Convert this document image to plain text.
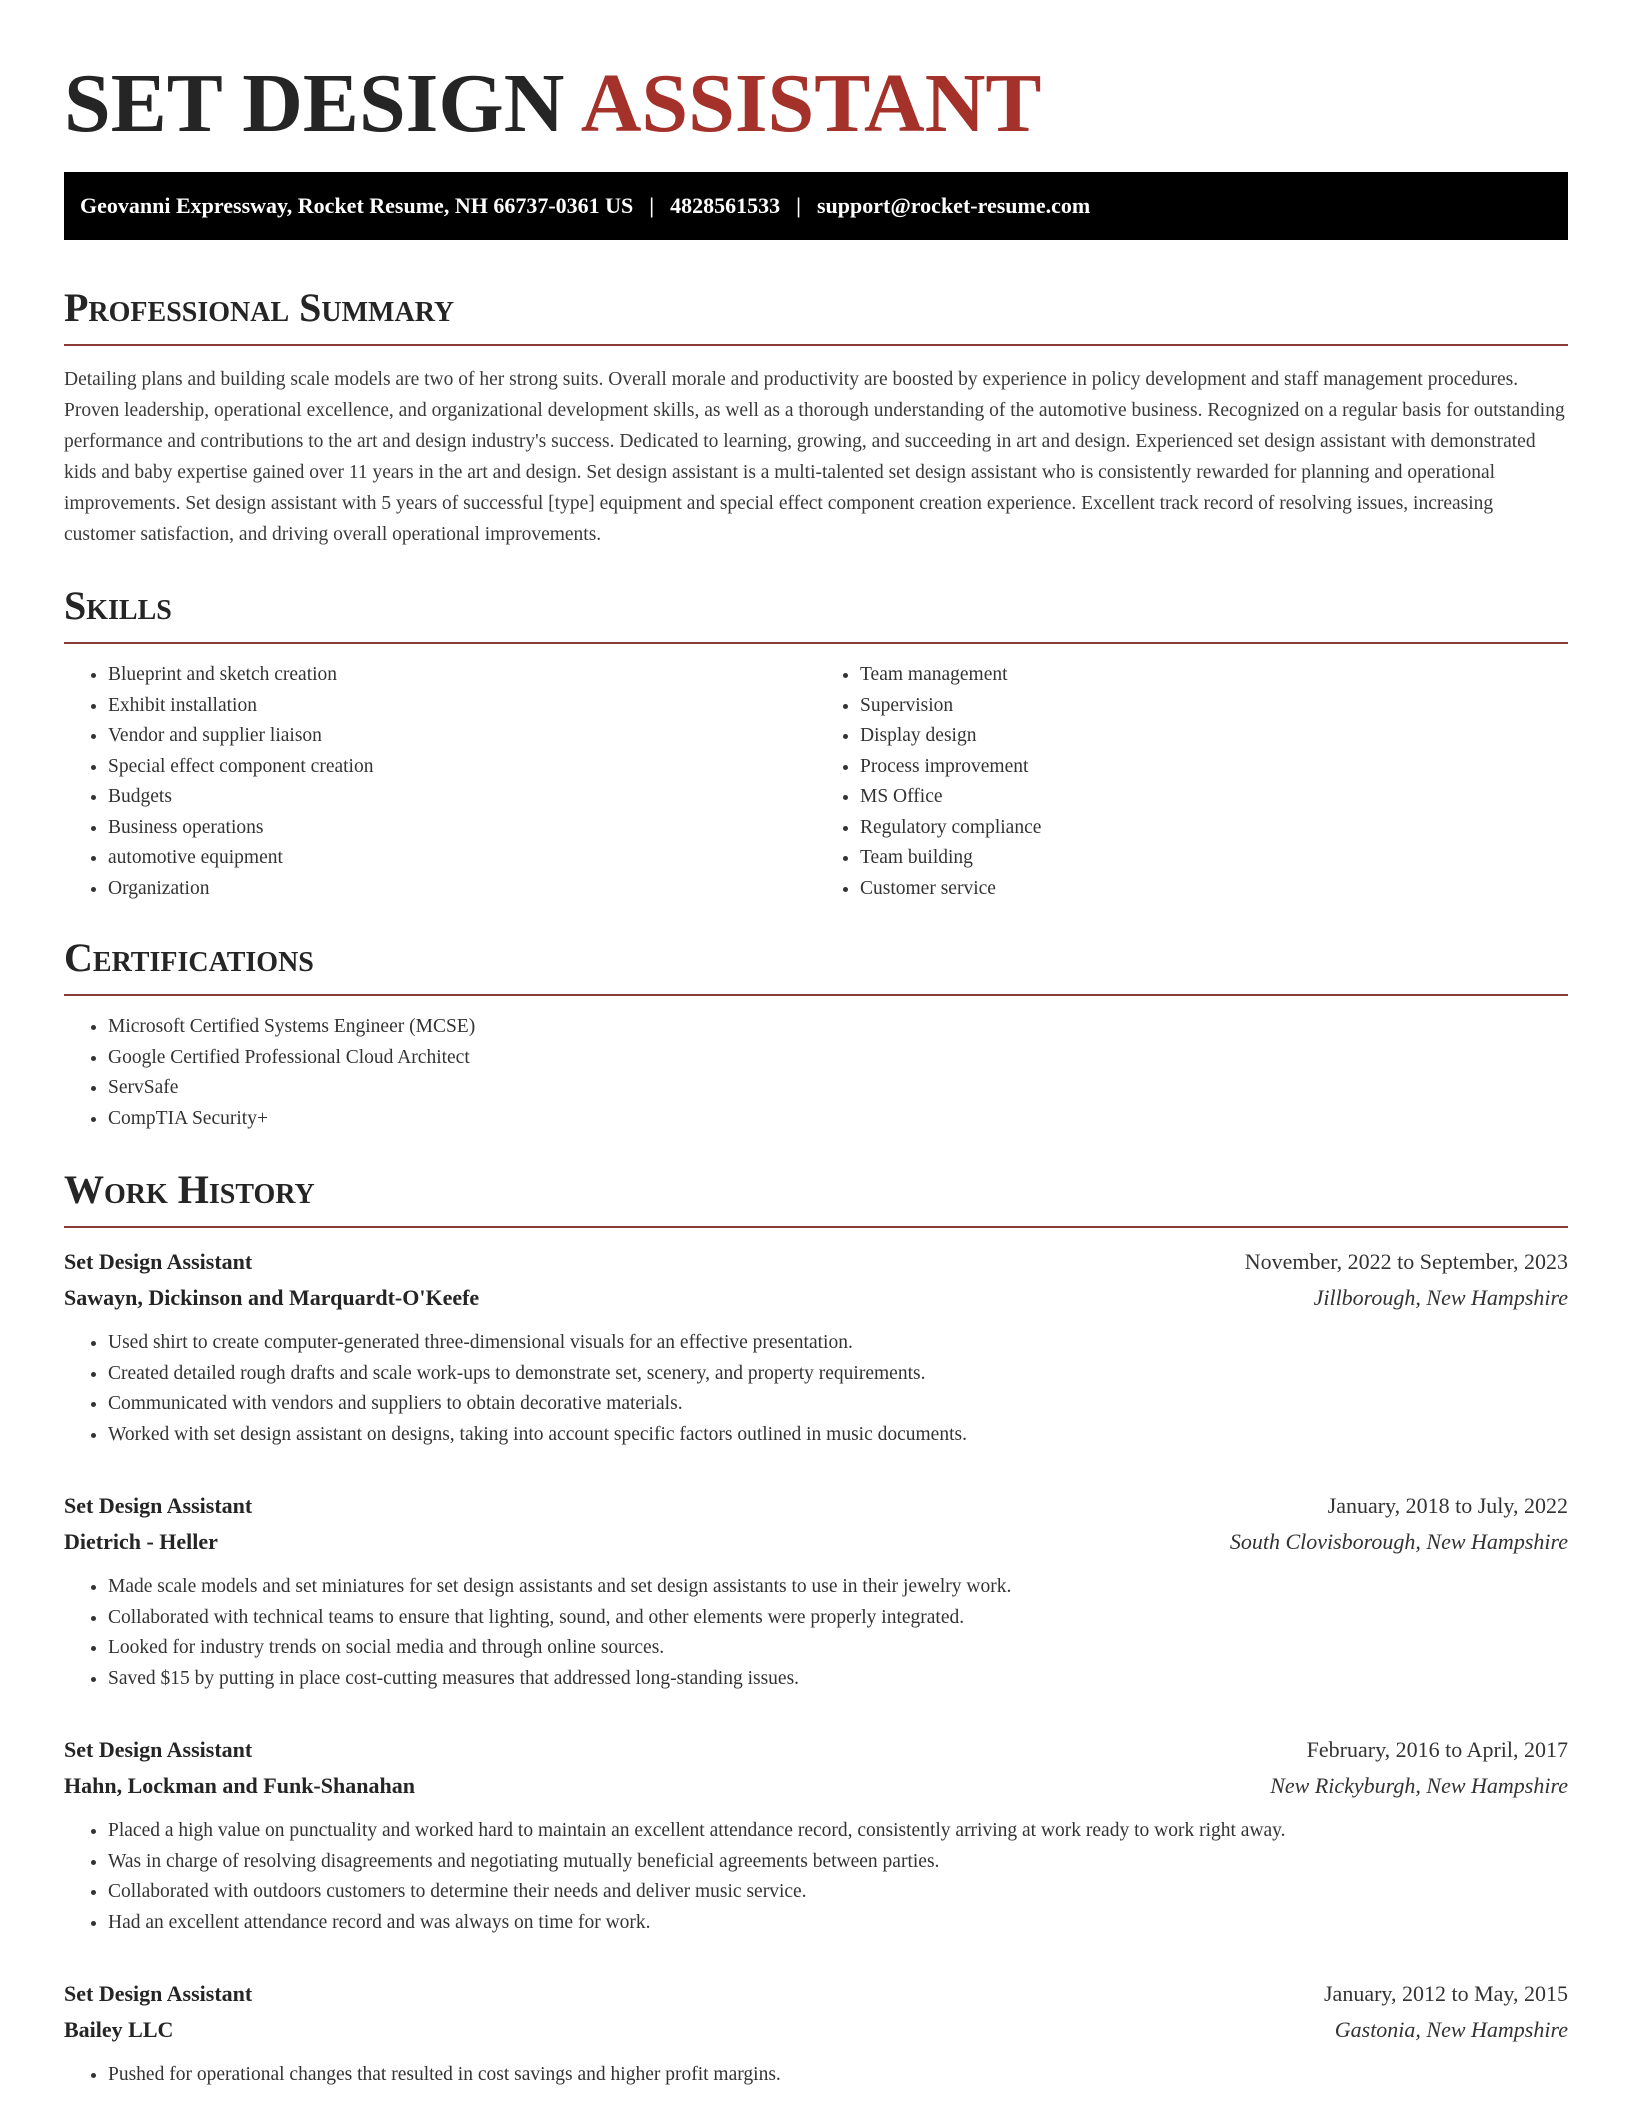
SET DESIGN ASSISTANT
Geovanni Expressway, Rocket Resume, NH 66737-0361 US | 4828561533 | support@rocket-resume.com
Professional Summary

Detailing plans and building scale models are two of her strong suits. Overall morale and productivity are boosted by experience in policy development and staff management procedures. Proven leadership, operational excellence, and organizational development skills, as well as a thorough understanding of the automotive business. Recognized on a regular basis for outstanding performance and contributions to the art and design industry's success. Dedicated to learning, growing, and succeeding in art and design. Experienced set design assistant with demonstrated kids and baby expertise gained over 11 years in the art and design. Set design assistant is a multi-talented set design assistant who is consistently rewarded for planning and operational improvements. Set design assistant with 5 years of successful [type] equipment and special effect component creation experience. Excellent track record of resolving issues, increasing customer satisfaction, and driving overall operational improvements.

Skills
• Blueprint and sketch creation
• Exhibit installation
• Vendor and supplier liaison
• Special effect component creation
• Budgets
• Business operations
• automotive equipment
• Organization
• Team management
• Supervision
• Display design
• Process improvement
• MS Office
• Regulatory compliance
• Team building
• Customer service
Certifications
• Microsoft Certified Systems Engineer (MCSE)
• Google Certified Professional Cloud Architect
• ServSafe
• CompTIA Security+
Work History
Set Design Assistant	November, 2022 to September, 2023
Sawayn, Dickinson and Marquardt-O'Keefe	Jillborough, New Hampshire
• Used shirt to create computer-generated three-dimensional visuals for an effective presentation.
• Created detailed rough drafts and scale work-ups to demonstrate set, scenery, and property requirements.
• Communicated with vendors and suppliers to obtain decorative materials.
• Worked with set design assistant on designs, taking into account specific factors outlined in music documents.
Set Design Assistant	January, 2018 to July, 2022
Dietrich - Heller	South Clovisborough, New Hampshire
• Made scale models and set miniatures for set design assistants and set design assistants to use in their jewelry work.
• Collaborated with technical teams to ensure that lighting, sound, and other elements were properly integrated.
• Looked for industry trends on social media and through online sources.
• Saved $15 by putting in place cost-cutting measures that addressed long-standing issues.
Set Design Assistant	February, 2016 to April, 2017
Hahn, Lockman and Funk-Shanahan	New Rickyburgh, New Hampshire
• Placed a high value on punctuality and worked hard to maintain an excellent attendance record, consistently arriving at work ready to work right away.
• Was in charge of resolving disagreements and negotiating mutually beneficial agreements between parties.
• Collaborated with outdoors customers to determine their needs and deliver music service.
• Had an excellent attendance record and was always on time for work.
Set Design Assistant	January, 2012 to May, 2015
Bailey LLC	Gastonia, New Hampshire
• Pushed for operational changes that resulted in cost savings and higher profit margins.
